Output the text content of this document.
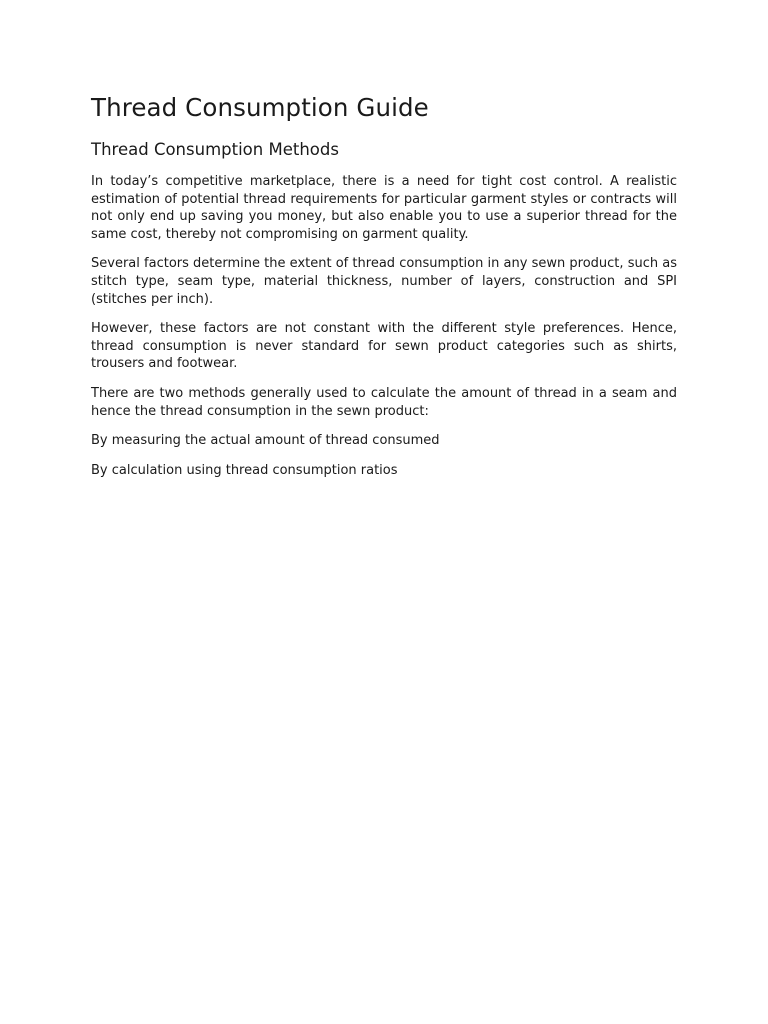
Thread Consumption Guide
Thread Consumption Methods

In today’s competitive marketplace, there is a need for tight cost control. A realistic estimation of potential thread requirements for particular garment styles or contracts will not only end up saving you money, but also enable you to use a superior thread for the same cost, thereby not compromising on garment quality.

Several factors determine the extent of thread consumption in any sewn product, such as stitch type, seam type, material thickness, number of layers, construction and SPI (stitches per inch).

However, these factors are not constant with the different style preferences. Hence, thread consumption is never standard for sewn product categories such as shirts, trousers and footwear.

There are two methods generally used to calculate the amount of thread in a seam and hence the thread consumption in the sewn product:

By measuring the actual amount of thread consumed

By calculation using thread consumption ratios
